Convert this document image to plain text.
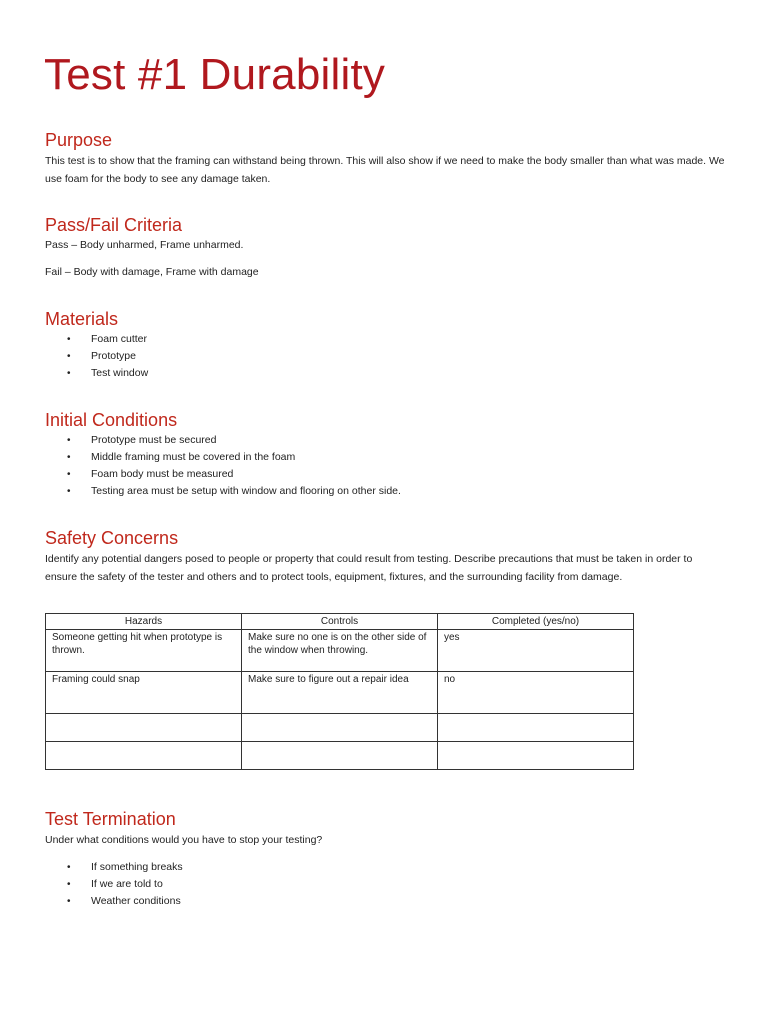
Test #1 Durability
Purpose

This test is to show that the framing can withstand being thrown. This will also show if we need to make the body smaller than what was made. We use foam for the body to see any damage taken.

Pass/Fail Criteria

Pass – Body unharmed, Frame unharmed.

Fail – Body with damage, Frame with damage

Materials
• Foam cutter
• Prototype
• Test window
Initial Conditions
• Prototype must be secured
• Middle framing must be covered in the foam
• Foam body must be measured
• Testing area must be setup with window and flooring on other side.
Safety Concerns

Identify any potential dangers posed to people or property that could result from testing. Describe precautions that must be taken in order to ensure the safety of the tester and others and to protect tools, equipment, fixtures, and the surrounding facility from damage.

Hazards	Controls	Completed (yes/no)
Someone getting hit when prototype is thrown.	Make sure no one is on the other side of the window when throwing.	yes
Framing could snap	Make sure to figure out a repair idea	no

Test Termination

Under what conditions would you have to stop your testing?

• If something breaks
• If we are told to
• Weather conditions
